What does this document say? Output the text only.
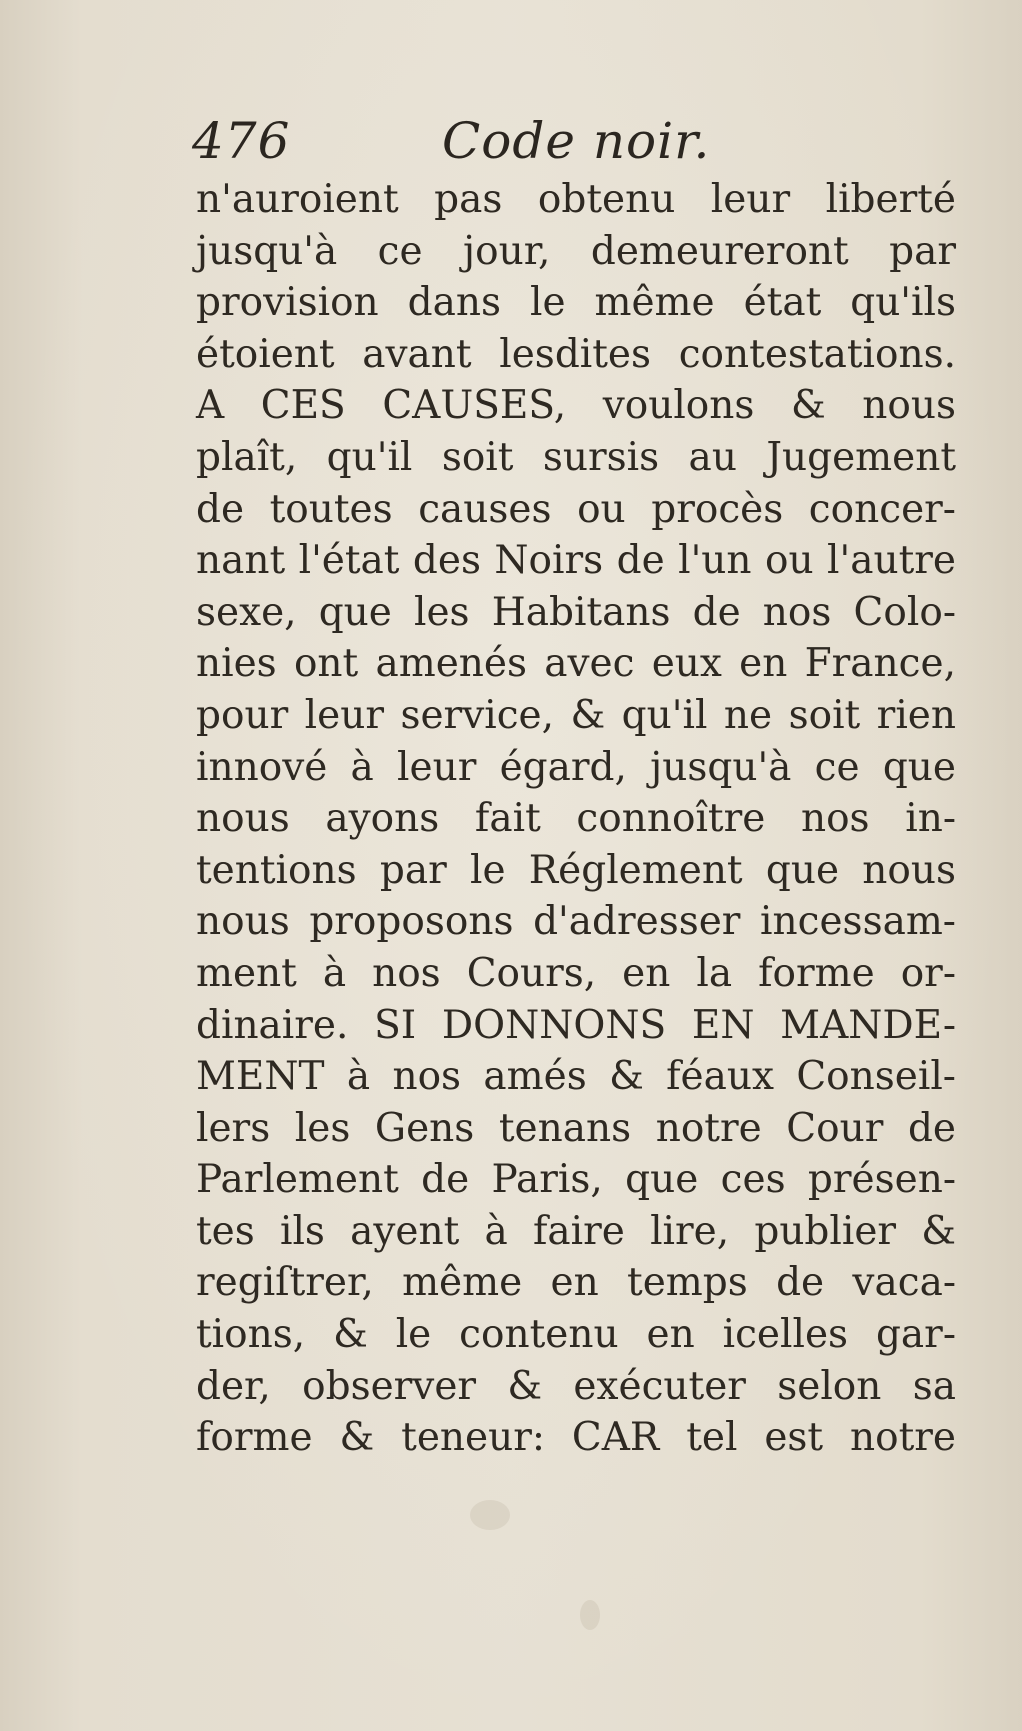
476	Code noir.
n'auroient pas obtenu leur liberté
jusqu'à ce jour, demeureront par
provision dans le même état qu'ils
étoient avant lesdites contestations.
A CES CAUSES, voulons & nous
plaît, qu'il soit sursis au Jugement
de toutes causes ou procès concer-
nant l'état des Noirs de l'un ou l'autre
sexe, que les Habitans de nos Colo-
nies ont amenés avec eux en France,
pour leur service, & qu'il ne soit rien
innové à leur égard, jusqu'à ce que
nous ayons fait connoître nos in-
tentions par le Réglement que nous
nous proposons d'adresser incessam-
ment à nos Cours, en la forme or-
dinaire. SI DONNONS EN MANDE-
MENT à nos amés & féaux Conseil-
lers les Gens tenans notre Cour de
Parlement de Paris, que ces présen-
tes ils ayent à faire lire, publier &
regiſtrer, même en temps de vaca-
tions, & le contenu en icelles gar-
der, observer & exécuter selon sa
forme & teneur: CAR tel est notre
